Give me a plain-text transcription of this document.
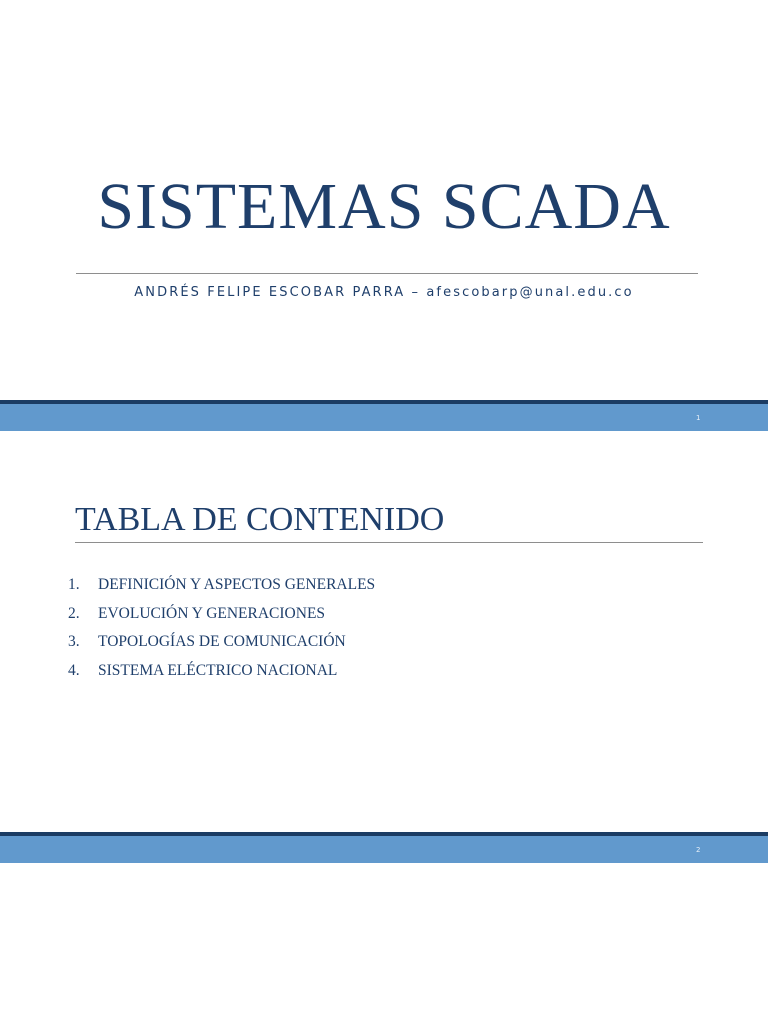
SISTEMAS SCADA
ANDRÉS FELIPE ESCOBAR PARRA – afescobarp@unal.edu.co
1
TABLA DE CONTENIDO
1.	DEFINICIÓN Y ASPECTOS GENERALES
2.	EVOLUCIÓN Y GENERACIONES
3.	TOPOLOGÍAS DE COMUNICACIÓN
4.	SISTEMA ELÉCTRICO NACIONAL
2
